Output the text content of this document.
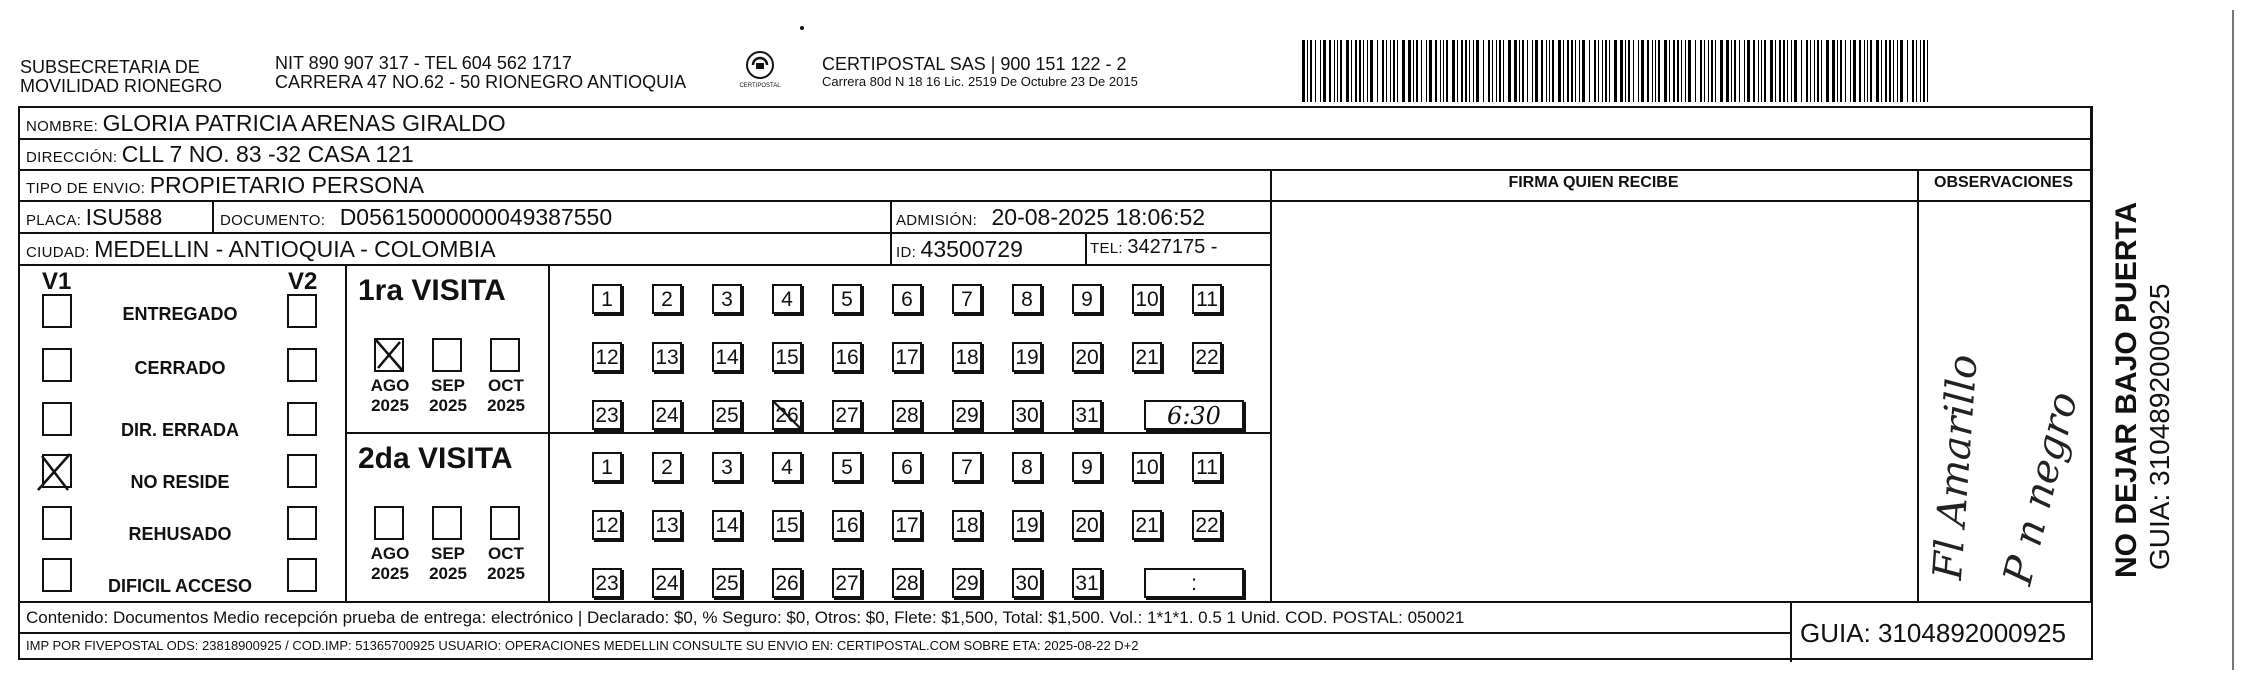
SUBSECRETARIA DE
MOVILIDAD RIONEGRO
NIT 890 907 317 - TEL 604 562 1717
CARRERA 47 NO.62 - 50 RIONEGRO ANTIOQUIA	CERTIPOSTAL
CERTIPOSTAL SAS | 900 151 122 - 2
Carrera 80d N 18 16 Lic. 2519 De Octubre 23 De 2015
NOMBRE: GLORIA PATRICIA ARENAS GIRALDO
DIRECCIÓN: CLL 7 NO. 83 -32 CASA 121
TIPO DE ENVIO: PROPIETARIO PERSONA	FIRMA QUIEN RECIBE	OBSERVACIONES
PLACA: ISU588	DOCUMENTO: D05615000000049387550	ADMISIÓN: 20-08-2025 18:06:52
CIUDAD: MEDELLIN - ANTIOQUIA - COLOMBIA	ID: 43500729	TEL: 3427175 -
V1	V2
ENTREGADO
CERRADO
DIR. ERRADA
NO RESIDE
REHUSADO
DIFICIL ACCESO
1ra VISITA
AGO
2025
SEP
2025
OCT
2025
1	2	3	4	5	6	7	8	9	10 11
12 13 14 15 16 17 18 19 20 21 22
23 24 25 26 27 28 29 30 31	6:30
2da VISITA
AGO
2025
SEP
2025
OCT
2025
1	2	3	4	5	6	7	8	9	10 11
12 13 14 15 16 17 18 19 20 21 22
23 24 25 26 27 28 29 30 31	:
Fl Amarillo P n negro NO DEJAR BAJO PUERTA GUIA: 3104892000925
Contenido: Documentos Medio recepción prueba de entrega: electrónico | Declarado: $0, % Seguro: $0, Otros: $0, Flete: $1,500, Total: $1,500. Vol.: 1*1*1. 0.5 1 Unid. COD. POSTAL: 050021
IMP POR FIVEPOSTAL ODS: 23818900925 / COD.IMP: 51365700925 USUARIO: OPERACIONES MEDELLIN CONSULTE SU ENVIO EN: CERTIPOSTAL.COM SOBRE ETA: 2025-08-22 D+2	GUIA: 3104892000925
